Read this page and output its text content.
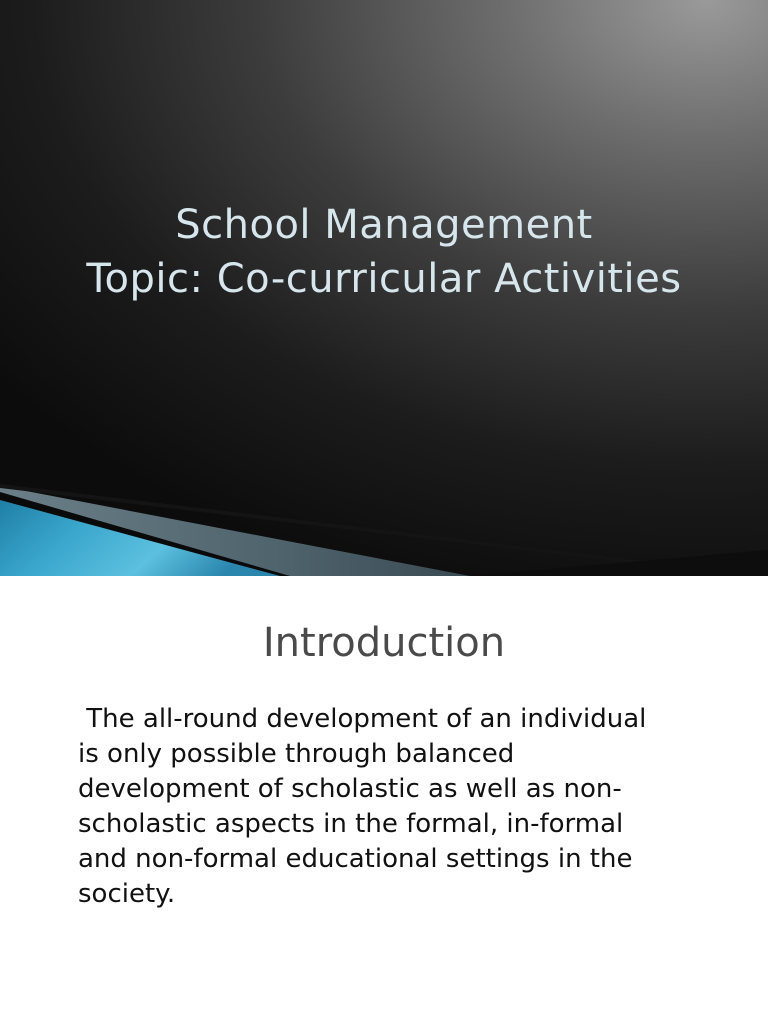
School Management
Topic: Co-curricular Activities
Introduction

The all-round development of an individual
is only possible through balanced
development of scholastic as well as non-
scholastic aspects in the formal, in-formal
and non-formal educational settings in the
society.
